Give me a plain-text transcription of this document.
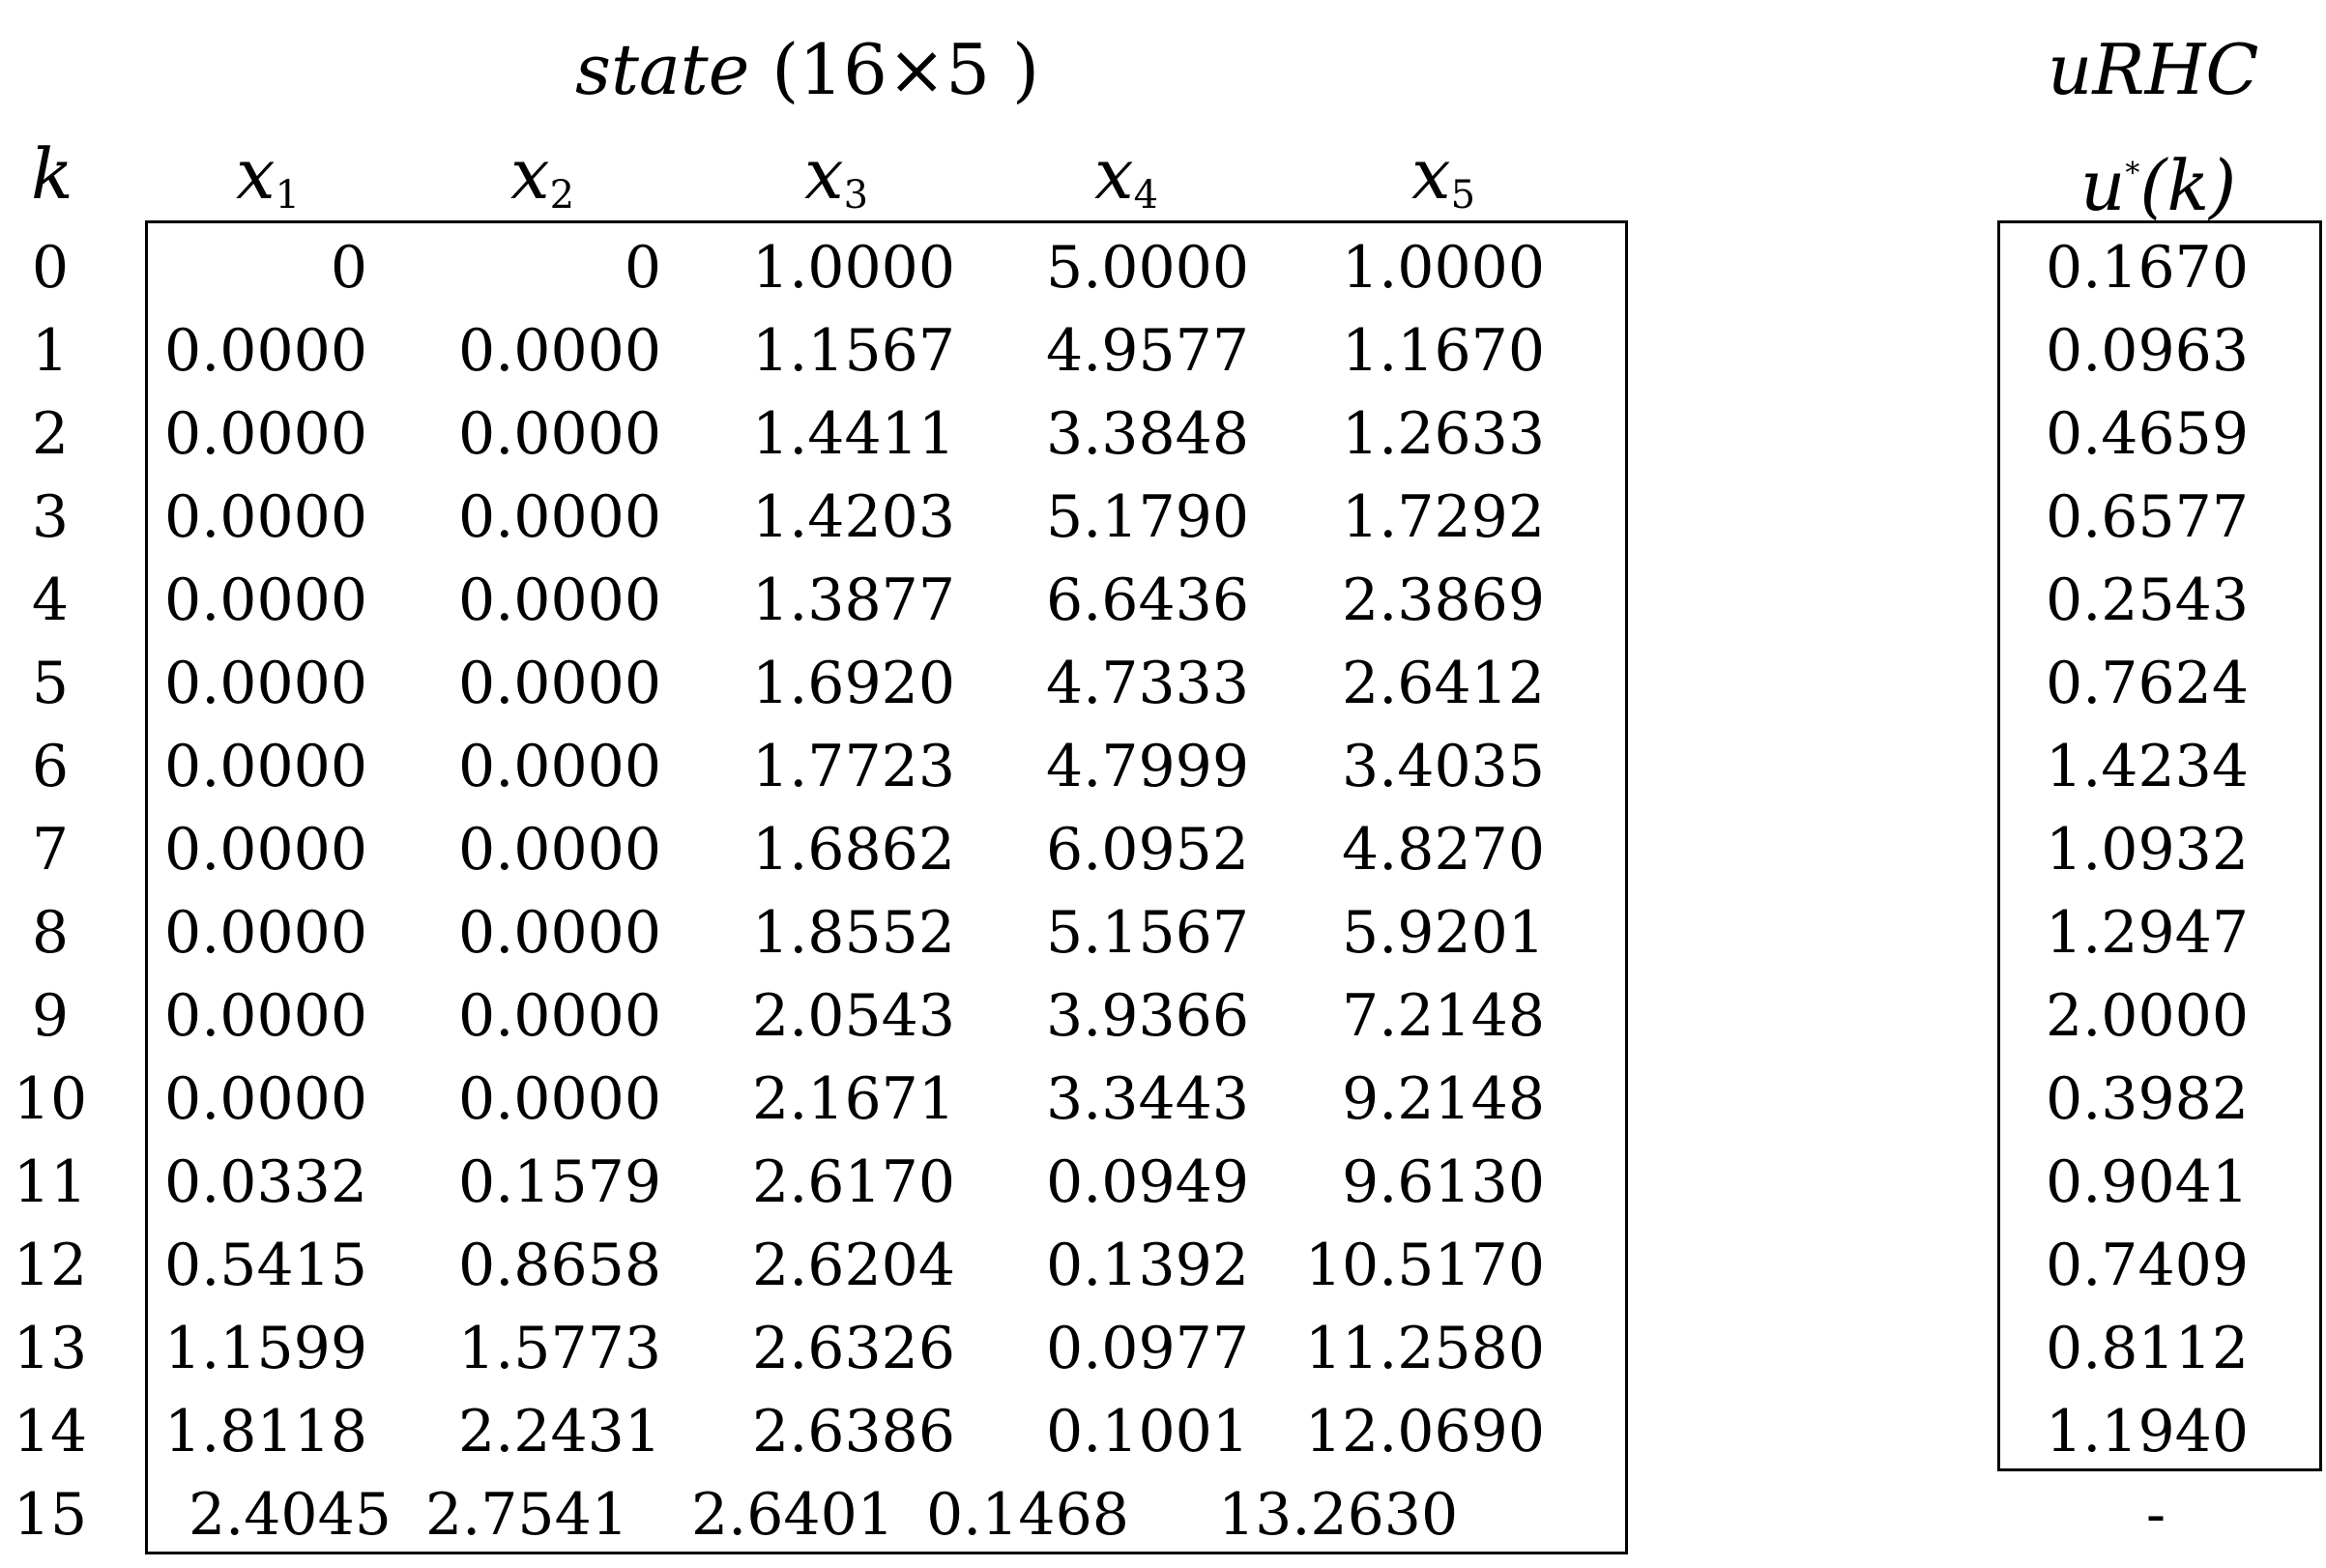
state (16×5 )	uRHC
k $x_1$	$x_2$	$x_3$	$x_4$	$x_5$	u*(k)
0	0	0 1.0000 5.0000 1.0000	0.1670
1	0.0000 0.0000 1.1567 4.9577 1.1670	0.0963
2	0.0000 0.0000 1.4411 3.3848 1.2633	0.4659
3	0.0000 0.0000 1.4203 5.1790 1.7292	0.6577
4	0.0000 0.0000 1.3877 6.6436 2.3869	0.2543
5	0.0000 0.0000 1.6920 4.7333 2.6412	0.7624
6	0.0000 0.0000 1.7723 4.7999 3.4035	1.4234
7	0.0000 0.0000 1.6862 6.0952 4.8270	1.0932
8	0.0000 0.0000 1.8552 5.1567 5.9201	1.2947
9	0.0000 0.0000 2.0543 3.9366 7.2148	2.0000
10 0.0000 0.0000 2.1671 3.3443 9.2148	0.3982
11 0.0332 0.1579 2.6170 0.0949 9.6130	0.9041
12 0.5415 0.8658 2.6204 0.1392 10.5170	0.7409
13 1.1599 1.5773 2.6326 0.0977 11.2580	0.8112
14 1.8118 2.2431 2.6386 0.1001 12.0690	1.1940
15 2.4045 2.7541 2.6401 0.1468 13.2630	-
